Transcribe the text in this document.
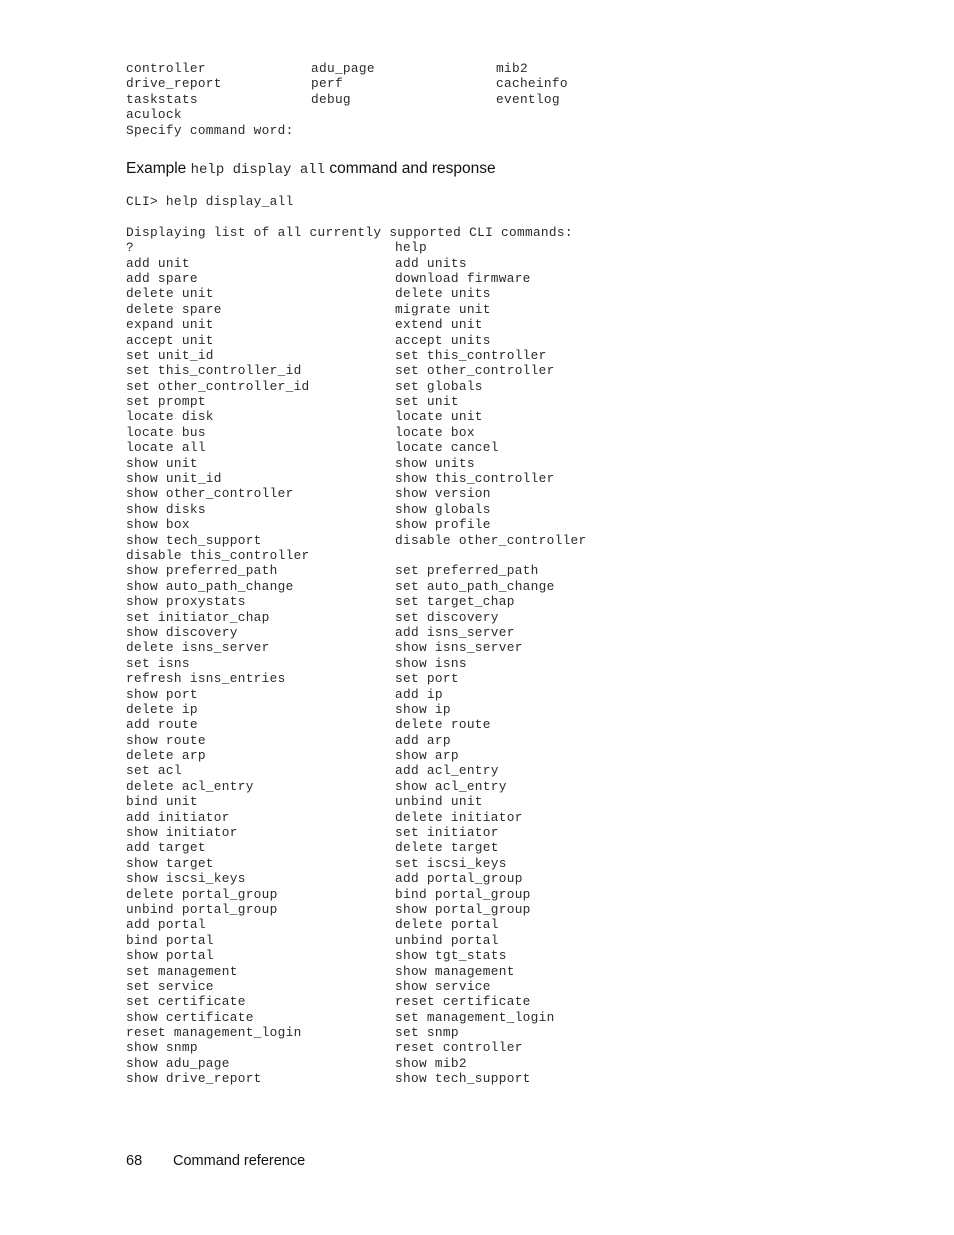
controller	adu_page	mib2
drive_report	perf	cacheinfo
taskstats	debug	eventlog
aculock
Specify command word:
Example help display all command and response
CLI> help display_all
Displaying list of all currently supported CLI commands:
?	help
add unit	add units
add spare	download firmware
delete unit	delete units
delete spare	migrate unit
expand unit	extend unit
accept unit	accept units
set unit_id	set this_controller
set this_controller_id	set other_controller
set other_controller_id	set globals
set prompt	set unit
locate disk	locate unit
locate bus	locate box
locate all	locate cancel
show unit	show units
show unit_id	show this_controller
show other_controller	show version
show disks	show globals
show box	show profile
show tech_support	disable other_controller
disable this_controller
show preferred_path	set preferred_path
show auto_path_change	set auto_path_change
show proxystats	set target_chap
set initiator_chap	set discovery
show discovery	add isns_server
delete isns_server	show isns_server
set isns	show isns
refresh isns_entries	set port
show port	add ip
delete ip	show ip
add route	delete route
show route	add arp
delete arp	show arp
set acl	add acl_entry
delete acl_entry	show acl_entry
bind unit	unbind unit
add initiator	delete initiator
show initiator	set initiator
add target	delete target
show target	set iscsi_keys
show iscsi_keys	add portal_group
delete portal_group	bind portal_group
unbind portal_group	show portal_group
add portal	delete portal
bind portal	unbind portal
show portal	show tgt_stats
set management	show management
set service	show service
set certificate	reset certificate
show certificate	set management_login
reset management_login	set snmp
show snmp	reset controller
show adu_page	show mib2
show drive_report	show tech_support
68	Command reference
